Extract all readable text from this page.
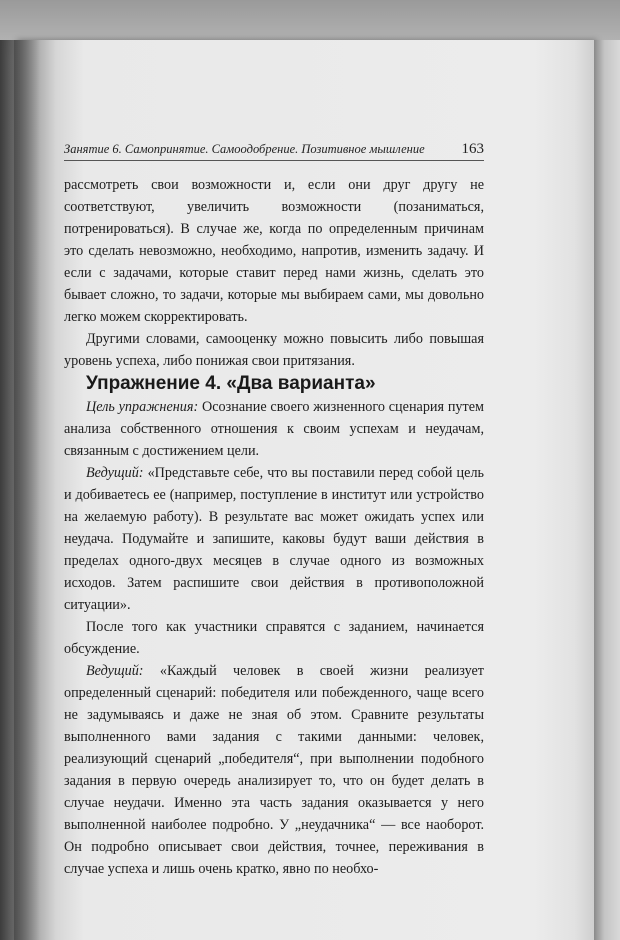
Занятие 6. Самопринятие. Самоодобрение. Позитивное мышление 163

рассмотреть свои возможности и, если они друг другу не соответствуют, увеличить возможности (позаниматься, потренироваться). В случае же, когда по определенным причинам это сделать невозможно, необходимо, напротив, изменить задачу. И если с задачами, которые ставит перед нами жизнь, сделать это бывает сложно, то задачи, которые мы выбираем сами, мы довольно легко можем скорректировать.

Другими словами, самооценку можно повысить либо повышая уровень успеха, либо понижая свои притязания.

Упражнение 4. «Два варианта»

Цель упражнения: Осознание своего жизненного сценария путем анализа собственного отношения к своим успехам и неудачам, связанным с достижением цели.

Ведущий: «Представьте себе, что вы поставили перед собой цель и добиваетесь ее (например, поступление в институт или устройство на желаемую работу). В результате вас может ожидать успех или неудача. Подумайте и запишите, каковы будут ваши действия в пределах одного-двух месяцев в случае одного из возможных исходов. Затем распишите свои действия в противоположной ситуации».

После того как участники справятся с заданием, начинается обсуждение.

Ведущий: «Каждый человек в своей жизни реализует определенный сценарий: победителя или побежденного, чаще всего не задумываясь и даже не зная об этом. Сравните результаты выполненного вами задания с такими данными: человек, реализующий сценарий „победителя“, при выполнении подобного задания в первую очередь анализирует то, что он будет делать в случае неудачи. Именно эта часть задания оказывается у него выполненной наиболее подробно. У „неудачника“ — все наоборот. Он подробно описывает свои действия, точнее, переживания в случае успеха и лишь очень кратко, явно по необхо-
